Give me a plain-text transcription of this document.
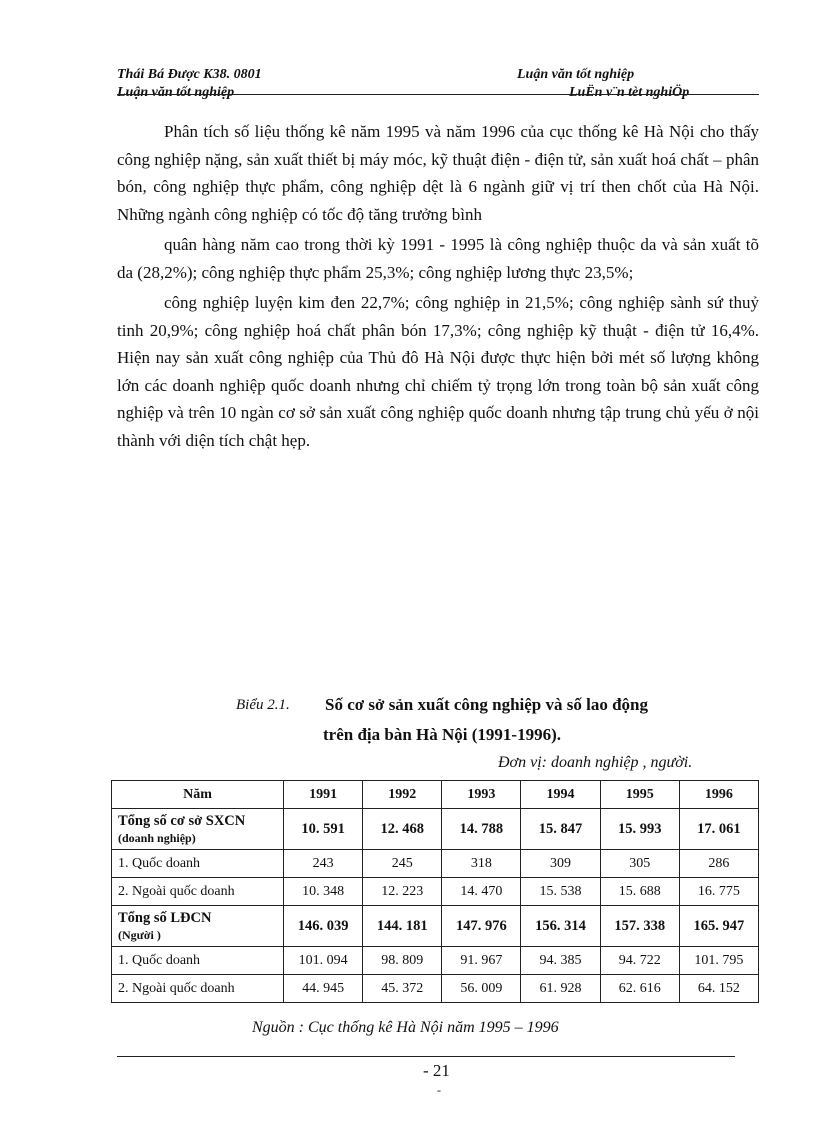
Thái Bá Được K38. 0801	Luận văn tốt nghiệp
Luận văn tốt nghiệp	LuËn v¨n tèt nghiÖp

Phân tích số liệu thống kê năm 1995 và năm 1996 của cục thống kê Hà Nội cho thấy công nghiệp nặng, sản xuất thiết bị máy móc, kỹ thuật điện - điện tử, sản xuất hoá chất – phân bón, công nghiệp thực phẩm, công nghiệp dệt là 6 ngành giữ vị trí then chốt của Hà Nội. Những ngành công nghiệp có tốc độ tăng trưởng bình

quân hàng năm cao trong thời kỳ 1991 - 1995 là công nghiệp thuộc da và sản xuất tõ da (28,2%); công nghiệp thực phẩm 25,3%; công nghiệp lương thực 23,5%;

công nghiệp luyện kim đen 22,7%; công nghiệp in 21,5%; công nghiệp sành sứ thuỷ tinh 20,9%; công nghiệp hoá chất phân bón 17,3%; công nghiệp kỹ thuật - điện tử 16,4%. Hiện nay sản xuất công nghiệp của Thủ đô Hà Nội được thực hiện bởi mét số lượng không lớn các doanh nghiệp quốc doanh nhưng chỉ chiếm tỷ trọng lớn trong toàn bộ sản xuất công nghiệp và trên 10 ngàn cơ sở sản xuất công nghiệp quốc doanh nhưng tập trung chủ yếu ở nội thành với diện tích chật hẹp.

Biểu 2.1. Số cơ sở sản xuất công nghiệp và số lao động
trên địa bàn Hà Nội (1991-1996).
Đơn vị: doanh nghiệp , người.
Năm	1991	1992	1993	1994	1995	1996

Tổng số cơ sở SXCN
(doanh nghiệp)	10. 591	12. 468	14. 788	15. 847	15. 993	17. 061
1. Quốc doanh	243	245	318	309	305	286
2. Ngoài quốc doanh	10. 348	12. 223	14. 470	15. 538	15. 688	16. 775

Tổng số LĐCN
(Người )	146. 039	144. 181	147. 976	156. 314	157. 338	165. 947
1. Quốc doanh	101. 094	98. 809	91. 967	94. 385	94. 722	101. 795
2. Ngoài quốc doanh	44. 945	45. 372	56. 009	61. 928	62. 616	64. 152
Nguồn : Cục thống kê Hà Nội năm 1995 – 1996
- 21
-
